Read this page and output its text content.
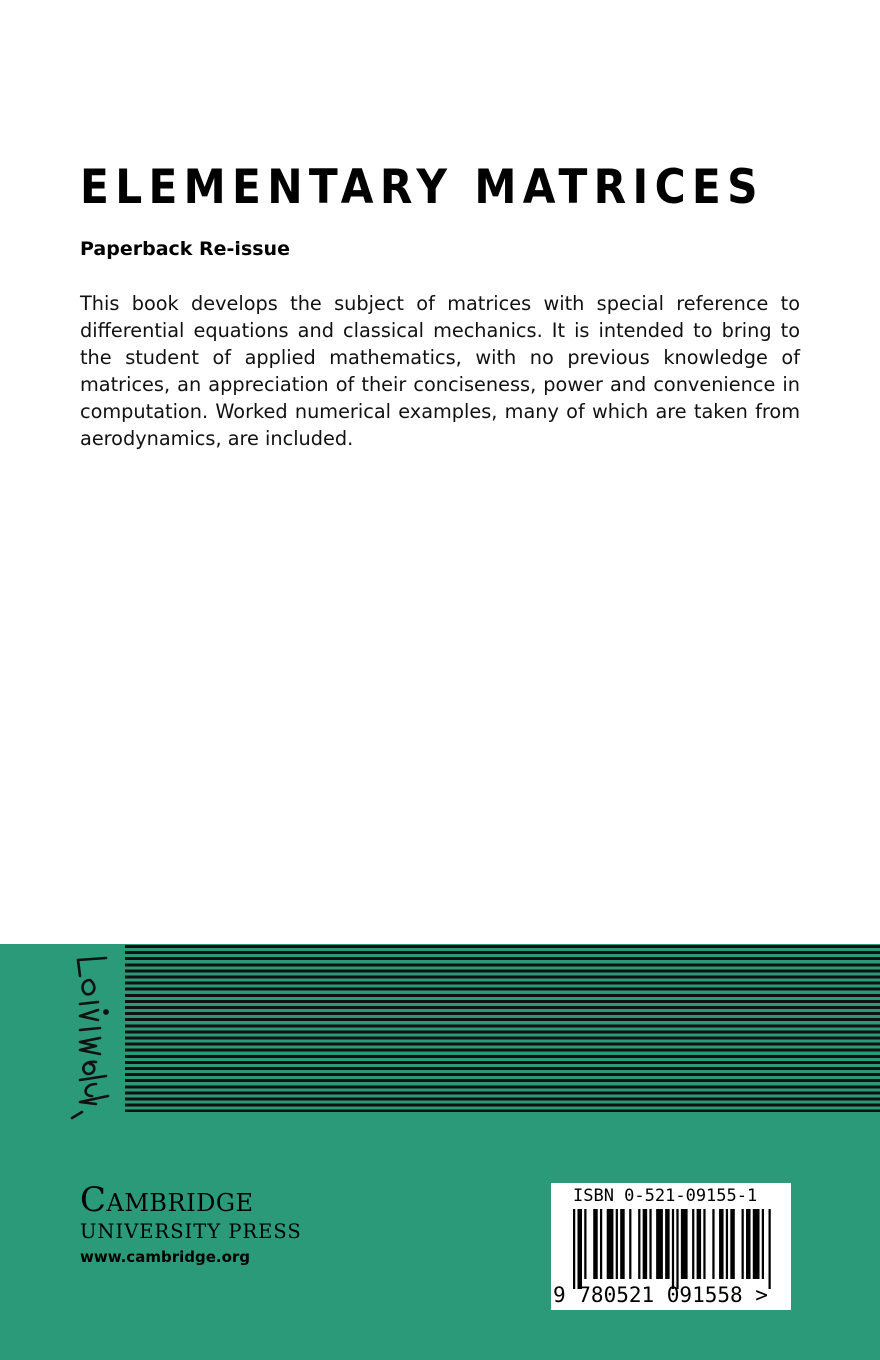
ELEMENTARY MATRICES
Paperback Re-issue

This book develops the subject of matrices with special reference to differential equations and classical mechanics. It is intended to bring to the student of applied mathematics, with no previous knowledge of matrices, an appreciation of their conciseness, power and convenience in computation. Worked numerical examples, many of which are taken from aerodynamics, are included.

Cambridge
UNIVERSITY PRESS
www.cambridge.org
ISBN 0-521-09155-1
9 780521 091558 >
